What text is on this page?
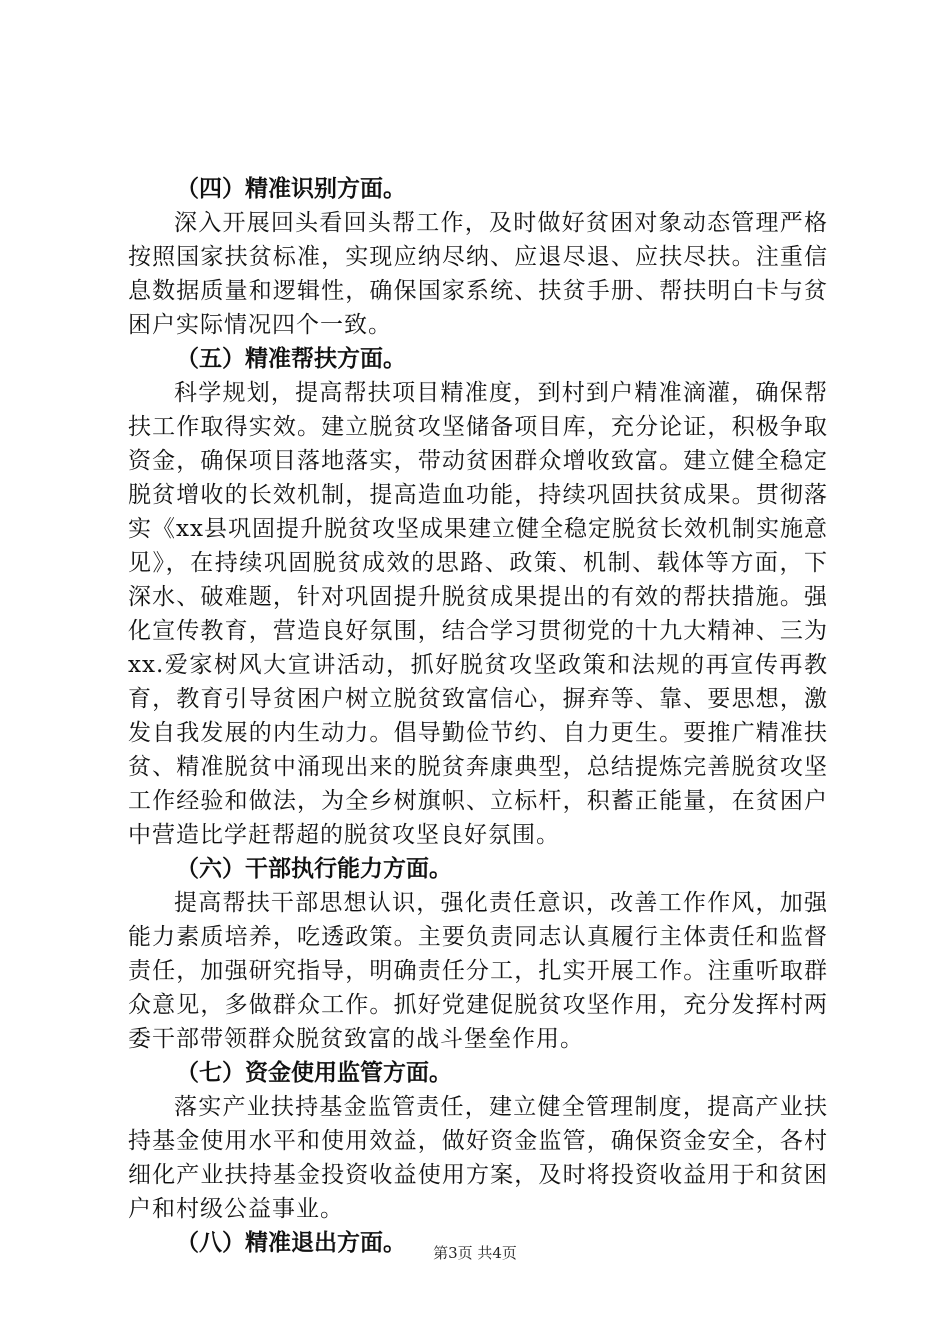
（四）精准识别方面。

深入开展回头看回头帮工作，及时做好贫困对象动态管理严格按照国家扶贫标准，实现应纳尽纳、应退尽退、应扶尽扶。注重信息数据质量和逻辑性，确保国家系统、扶贫手册、帮扶明白卡与贫困户实际情况四个一致。

（五）精准帮扶方面。

科学规划，提高帮扶项目精准度，到村到户精准滴灌，确保帮扶工作取得实效。建立脱贫攻坚储备项目库，充分论证，积极争取资金，确保项目落地落实，带动贫困群众增收致富。建立健全稳定脱贫增收的长效机制，提高造血功能，持续巩固扶贫成果。贯彻落实《xx县巩固提升脱贫攻坚成果建立健全稳定脱贫长效机制实施意见》，在持续巩固脱贫成效的思路、政策、机制、载体等方面，下深水、破难题，针对巩固提升脱贫成果提出的有效的帮扶措施。强化宣传教育，营造良好氛围，结合学习贯彻党的十九大精神、三为xx.爱家树风大宣讲活动，抓好脱贫攻坚政策和法规的再宣传再教育，教育引导贫困户树立脱贫致富信心，摒弃等、靠、要思想，激发自我发展的内生动力。倡导勤俭节约、自力更生。要推广精准扶贫、精准脱贫中涌现出来的脱贫奔康典型，总结提炼完善脱贫攻坚工作经验和做法，为全乡树旗帜、立标杆，积蓄正能量，在贫困户中营造比学赶帮超的脱贫攻坚良好氛围。

（六）干部执行能力方面。

提高帮扶干部思想认识，强化责任意识，改善工作作风，加强能力素质培养，吃透政策。主要负责同志认真履行主体责任和监督责任，加强研究指导，明确责任分工，扎实开展工作。注重听取群众意见，多做群众工作。抓好党建促脱贫攻坚作用，充分发挥村两委干部带领群众脱贫致富的战斗堡垒作用。

（七）资金使用监管方面。

落实产业扶持基金监管责任，建立健全管理制度，提高产业扶持基金使用水平和使用效益，做好资金监管，确保资金安全，各村细化产业扶持基金投资收益使用方案，及时将投资收益用于和贫困户和村级公益事业。

（八）精准退出方面。	第3页 共4页
